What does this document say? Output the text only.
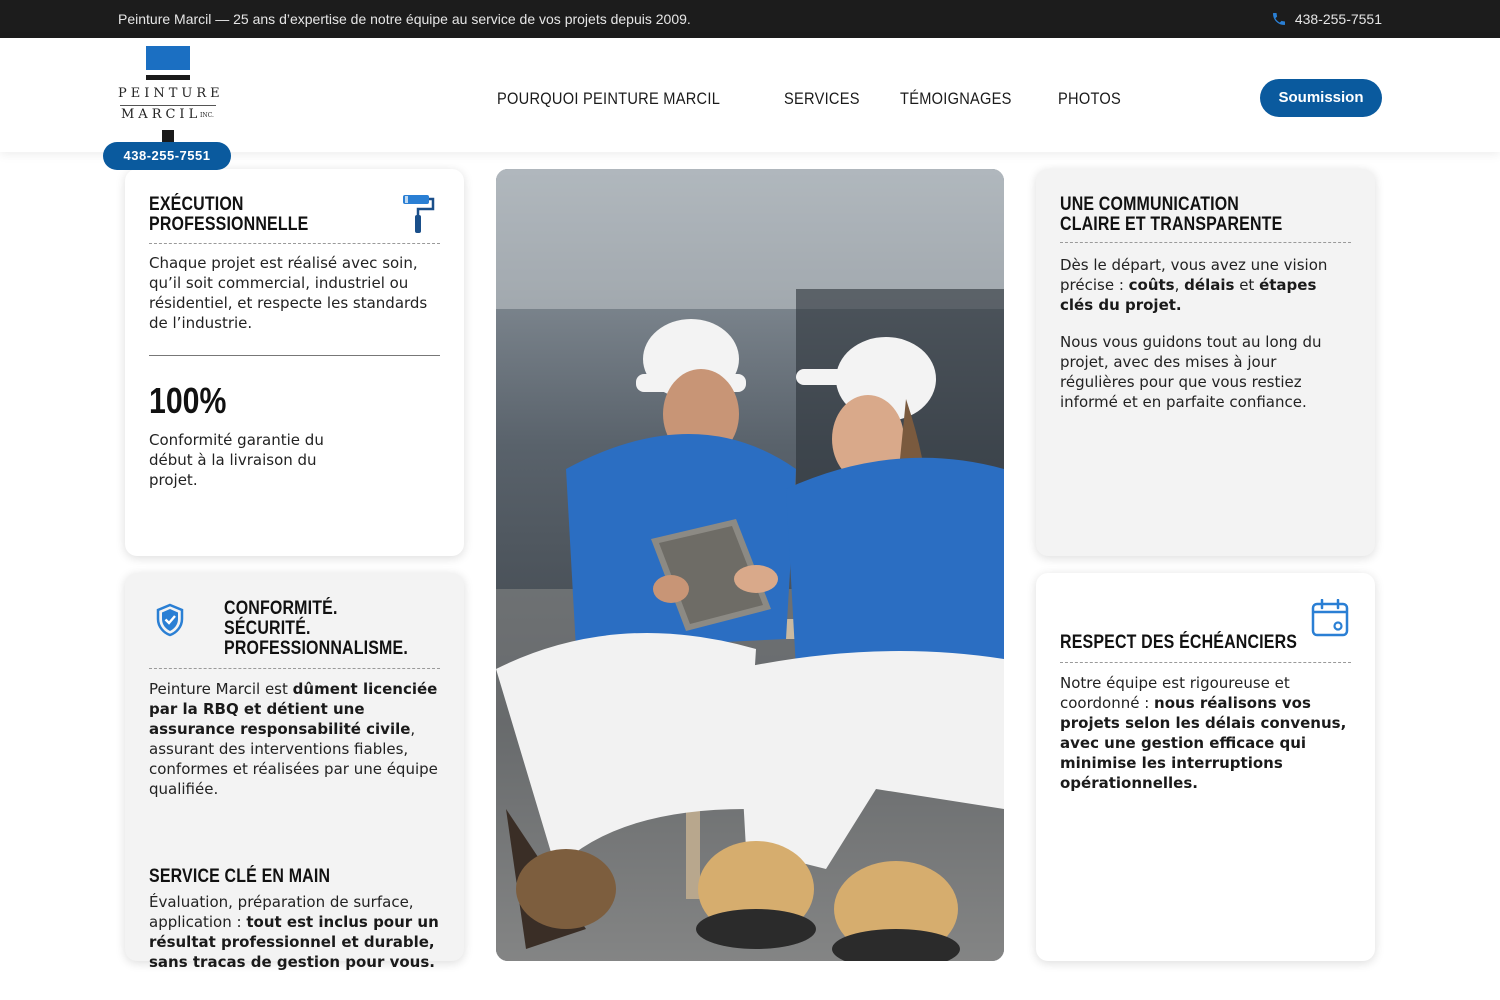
Peinture Marcil — 25 ans d’expertise de notre équipe au service de vos projets depuis 2009.	438-255-7551
PEINTURE
MARCIL
INC.
POURQUOI PEINTURE MARCIL	SERVICES TÉMOIGNAGES	PHOTOS	Soumission
438-255-7551
EXÉCUTION PROFESSIONNELLE

Chaque projet est réalisé avec soin, qu’il soit commercial, industriel ou résidentiel, et respecte les standards de l’industrie.

100%

Conformité garantie du début à la livraison du projet.

CONFORMITÉ. SÉCURITÉ. PROFESSIONNALISME.

Peinture Marcil est dûment licenciée par la RBQ et détient une assurance responsabilité civile, assurant des interventions fiables, conformes et réalisées par une équipe qualifiée.

SERVICE CLÉ EN MAIN

Évaluation, préparation de surface, application : tout est inclus pour un résultat professionnel et durable, sans tracas de gestion pour vous.

UNE COMMUNICATION CLAIRE ET TRANSPARENTE

Dès le départ, vous avez une vision précise : coûts, délais et étapes clés du projet.

Nous vous guidons tout au long du projet, avec des mises à jour régulières pour que vous restiez informé et en parfaite confiance.

RESPECT DES ÉCHÉANCIERS

Notre équipe est rigoureuse et coordonné : nous réalisons vos projets selon les délais convenus, avec une gestion efficace qui minimise les interruptions opérationnelles.
